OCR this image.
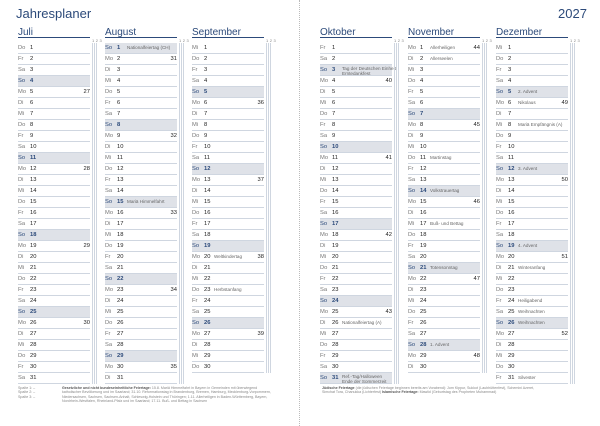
Jahresplaner	2027
Juli
1 2 3
Do 1
Fr 2
Sa 3
So 4
Mo 5	27
Di 6
Mi 7
Do 8
Fr 9
Sa 10
So 11
Mo 12	28
Di 13
Mi 14
Do 15
Fr 16
Sa 17
So 18
Mo 19	29
Di 20
Mi 21
Do 22
Fr 23
Sa 24
So 25
Mo 26	30
Di 27
Mi 28
Do 29
Fr 30
Sa 31
August
1 2 3
So 1 Nationalfeiertag (CH)
Mo 2	31
Di 3
Mi 4
Do 5
Fr 6
Sa 7
So 8
Mo 9	32
Di 10
Mi 11
Do 12
Fr 13
Sa 14
So 15 Mariä Himmelfahrt
Mo 16	33
Di 17
Mi 18
Do 19
Fr 20
Sa 21
So 22
Mo 23	34
Di 24
Mi 25
Do 26
Fr 27
Sa 28
So 29
Mo 30	35
Di 31
September
1 2 3
Mi 1
Do 2
Fr 3
Sa 4
So 5
Mo 6	36
Di 7
Mi 8
Do 9
Fr 10
Sa 11
So 12
Mo 13	37
Di 14
Mi 15
Do 16
Fr 17
Sa 18
So 19
Mo 20 Weltkindertag	38
Di 21
Mi 22
Do 23 Herbstanfang
Fr 24
Sa 25
So 26
Mo 27	39
Di 28
Mi 29
Do 30
Oktober
1 2 3
Fr 1
Sa 2
So 3 Tag der Deutschen Einheit
Erntedankfest
Mo 4	40
Di 5
Mi 6
Do 7
Fr 8
Sa 9
So 10
Mo 11	41
Di 12
Mi 13
Do 14
Fr 15
Sa 16
So 17
Mo 18	42
Di 19
Mi 20
Do 21
Fr 22
Sa 23
So 24
Mo 25	43
Di 26 Nationalfeiertag (A)
Mi 27
Do 28
Fr 29
Sa 30
So 31 Ref.-Tag/Halloween
Ende der Sommerzeit
November
1 2 3
Mo 1 Allerheiligen	44
Di 2 Allerseelen
Mi 3
Do 4
Fr 5
Sa 6
So 7
Mo 8	45
Di 9
Mi 10
Do 11 Martinstag
Fr 12
Sa 13
So 14 Volkstrauertag
Mo 15	46
Di 16
Mi 17 Buß- und Bettag
Do 18
Fr 19
Sa 20
So 21 Totensonntag
Mo 22	47
Di 23
Mi 24
Do 25
Fr 26
Sa 27
So 28 1. Advent
Mo 29	48
Di 30
Dezember
1 2 3
Mi 1
Do 2
Fr 3
Sa 4
So 5 2. Advent
Mo 6 Nikolaus	49
Di 7
Mi 8 Mariä Empfängnis (A)
Do 9
Fr 10
Sa 11
So 12 3. Advent
Mo 13	50
Di 14
Mi 15
Do 16
Fr 17
Sa 18
So 19 4. Advent
Mo 20	51
Di 21 Winteranfang
Mi 22
Do 23
Fr 24 Heiligabend
Sa 25 Weihnachten
So 26 Weihnachten
Mo 27	52
Di 28
Mi 29
Do 30
Fr 31 Silvester
Spalte 1: –
Spalte 2: –
Spalte 3: –
Gesetzliche und nicht bundeseinheitliche Feiertage: 15.8. Mariä Himmelfahrt in Bayern in Gemeinden mit überwiegend katholischer Bevölkerung und im Saarland; 31.10. Reformationstag in Brandenburg, Bremen, Hamburg, Mecklenburg-Vorpommern, Niedersachsen, Sachsen, Sachsen-Anhalt, Schleswig-Holstein und Thüringen; 1.11. Allerheiligen in Baden-Württemberg, Bayern, Nordrhein-Westfalen, Rheinland-Pfalz und im Saarland; 17.11. Buß- und Bettag in Sachsen
Jüdische Feiertage (die jüdischen Feiertage beginnen bereits am Vorabend): Jom Kippur, Sukkot (Laubhüttenfest), Schemini Azeret, Simchat Tora, Chanukka (Lichterfest) Islamische Feiertage: Mawlid (Geburtstag des Propheten Muhammad)
